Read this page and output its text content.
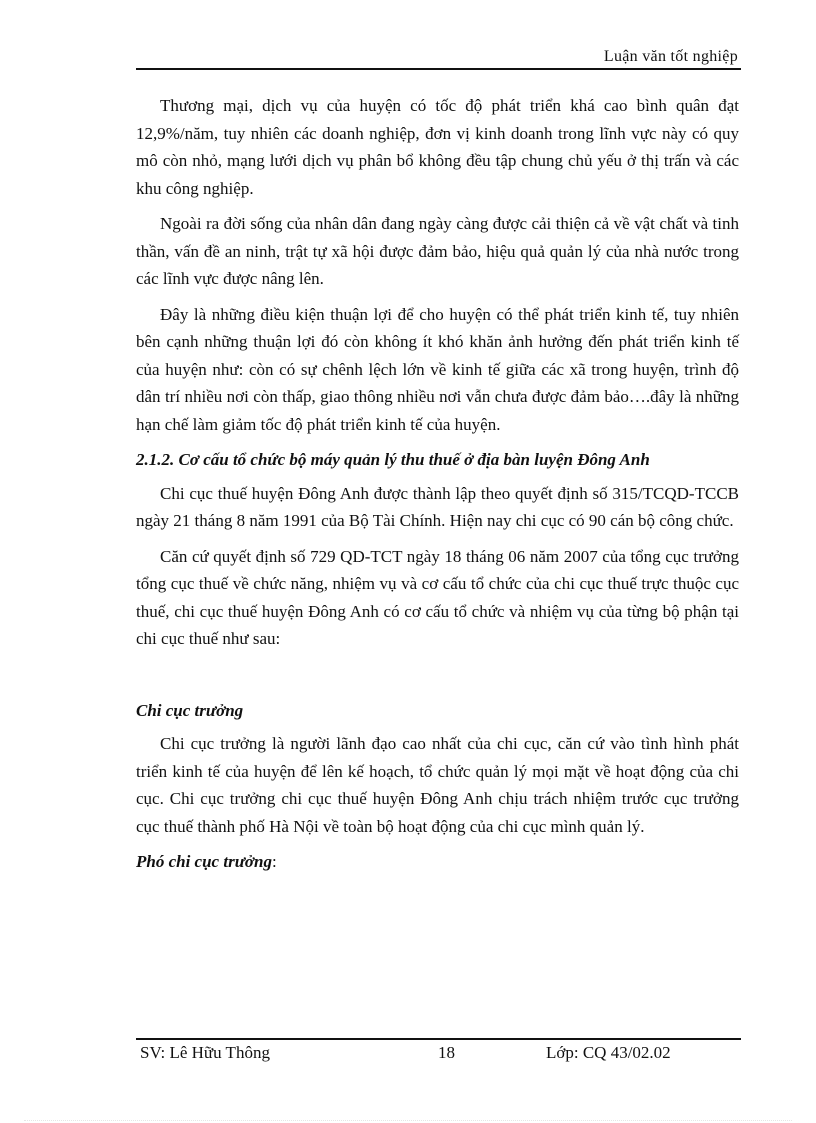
Luận văn tốt nghiệp

Thương mại, dịch vụ của huyện có tốc độ phát triển khá cao bình quân đạt 12,9%/năm, tuy nhiên các doanh nghiệp, đơn vị kinh doanh trong lĩnh vực này có quy mô còn nhỏ, mạng lưới dịch vụ phân bổ không đều tập chung chủ yếu ở thị trấn và các khu công nghiệp.

Ngoài ra đời sống của nhân dân đang ngày càng được cải thiện cả về vật chất và tinh thần, vấn đề an ninh, trật tự xã hội được đảm bảo, hiệu quả quản lý của nhà nước trong các lĩnh vực được nâng lên.

Đây là những điều kiện thuận lợi để cho huyện có thể phát triển kinh tế, tuy nhiên bên cạnh những thuận lợi đó còn không ít khó khăn ảnh hưởng đến phát triển kinh tế của huyện như: còn có sự chênh lệch lớn về kinh tế giữa các xã trong huyện, trình độ dân trí nhiều nơi còn thấp, giao thông nhiều nơi vẫn chưa được đảm bảo….đây là những hạn chế làm giảm tốc độ phát triển kinh tế của huyện.

2.1.2. Cơ cấu tổ chức bộ máy quản lý thu thuế ở địa bàn luyện Đông Anh

Chi cục thuế huyện Đông Anh được thành lập theo quyết định số 315/TCQD-TCCB ngày 21 tháng 8 năm 1991 của Bộ Tài Chính. Hiện nay chi cục có 90 cán bộ công chức.

Căn cứ quyết định số 729 QD-TCT ngày 18 tháng 06 năm 2007 của tổng cục trưởng tổng cục thuế về chức năng, nhiệm vụ và cơ cấu tổ chức của chi cục thuế trực thuộc cục thuế, chi cục thuế huyện Đông Anh có cơ cấu tổ chức và nhiệm vụ của từng bộ phận tại chi cục thuế như sau:

Chi cục trưởng

Chi cục trưởng là người lãnh đạo cao nhất của chi cục, căn cứ vào tình hình phát triển kinh tế của huyện để lên kế hoạch, tổ chức quản lý mọi mặt về hoạt động của chi cục. Chi cục trưởng chi cục thuế huyện Đông Anh chịu trách nhiệm trước cục trưởng cục thuế thành phố Hà Nội về toàn bộ hoạt động của chi cục mình quản lý.

Phó chi cục trưởng:

SV: Lê Hữu Thông	18	Lớp: CQ 43/02.02
